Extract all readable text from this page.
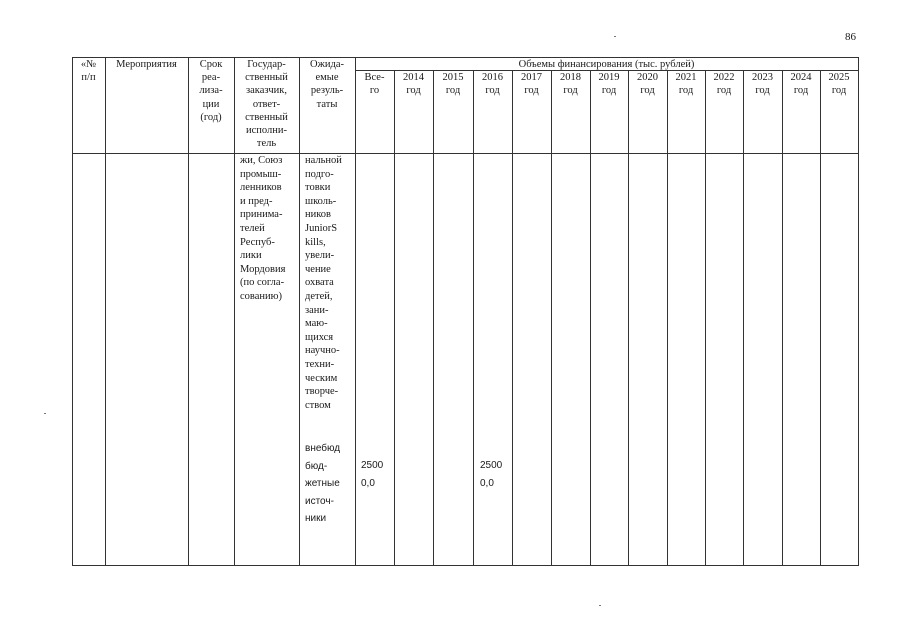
86
«№
п/п
Мероприятия	Срок
реа-
лиза-
ции
(год)
Государ-
ственный
заказчик,
ответ-
ственный
исполни-
тель
Ожида-
емые
резуль-
таты
Объемы финансирования (тыс. рублей)
Все-
го
2014
год
2015
год
2016
год
2017
год
2018
год
2019
год
2020
год
2021
год
2022
год
2023
год
2024
год
2025
год
жи, Союз
промыш-
ленников
и пред-
принима-
телей
Респуб-
лики
Мордовия
(по согла-
сованию)
нальной
подго-
товки
школь-
ников
JuniorS
kills,
увели-
чение
охвата
детей,
зани-
маю-
щихся
научно-
техни-
ческим
творче-
ством
внебюд
бюд-
жетные
источ-
ники
2500
0,0
2500
0,0
